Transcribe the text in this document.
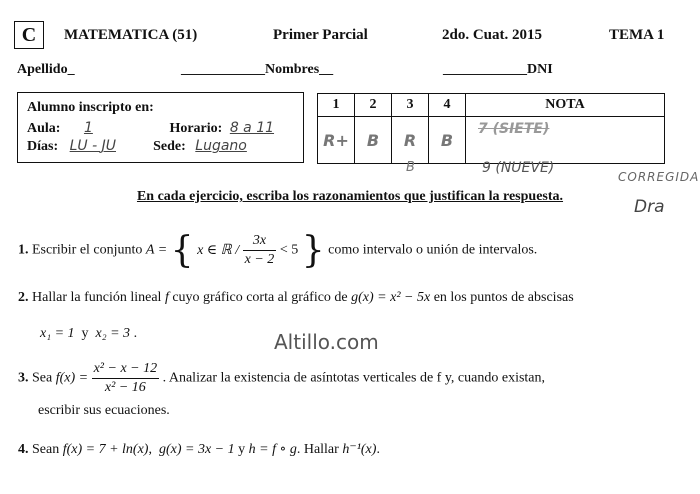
C	MATEMATICA (51)	Primer Parcial	2do. Cuat. 2015	TEMA 1
Apellido_	____________Nombres__	____________DNI
Alumno inscripto en:
Aula: 1	Horario: 8 a 11
Días: LU - JU	Sede: Lugano
1	2	3	4	NOTA
R+	B	R	B	7 (SIETE)
B	9 (NUEVE)
CORREGIDA
Dra
En cada ejercicio, escriba los razonamientos que justifican la respuesta.
1. Escribir el conjunto A = { x ∈ ℝ / $\frac{3x}{x - 2} < 5$ } como intervalo o unión de intervalos.
2. Hallar la función lineal f cuyo gráfico corta al gráfico de g(x) = x² − 5x en los puntos de abscisas
x₁ = 1 y x₂ = 3 .	Altillo.com
3. Sea $f(x) = \frac{\text{x² − x − 12}}{\text{x² − 16}}$ . Analizar la existencia de asíntotas verticales de f y, cuando existan,
escribir sus ecuaciones.
4. Sean f(x) = 7 + ln(x),  g(x) = 3x − 1 y h = f ∘ g. Hallar h⁻¹(x).
